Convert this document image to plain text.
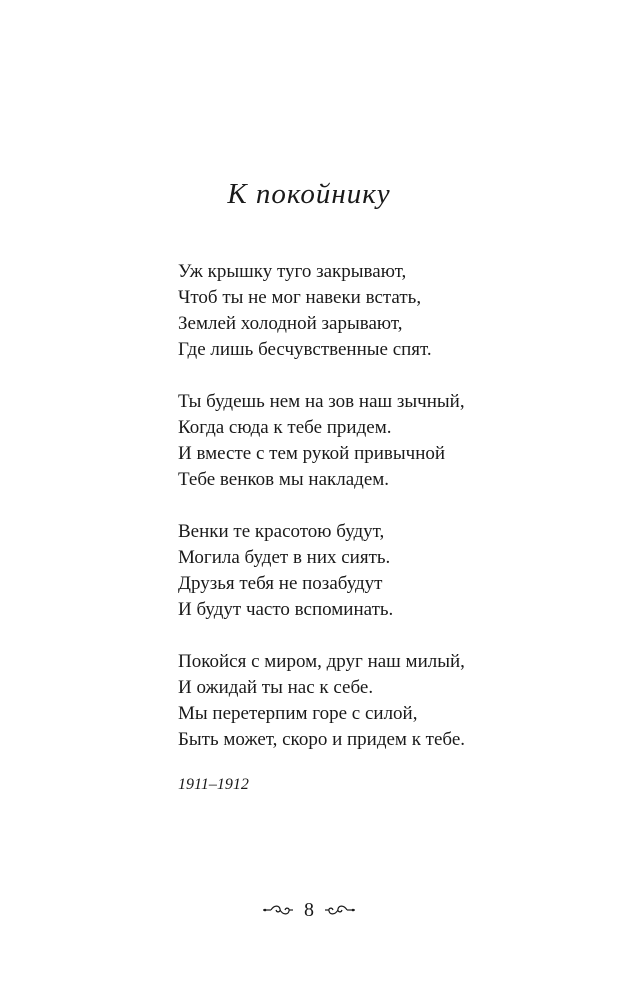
К покойнику
Уж крышку туго закрывают,
Чтоб ты не мог навеки встать,
Землей холодной зарывают,
Где лишь бесчувственные спят.
Ты будешь нем на зов наш зычный,
Когда сюда к тебе придем.
И вместе с тем рукой привычной
Тебе венков мы накладем.
Венки те красотою будут,
Могила будет в них сиять.
Друзья тебя не позабудут
И будут часто вспоминать.
Покойся с миром, друг наш милый,
И ожидай ты нас к себе.
Мы перетерпим горе с силой,
Быть может, скоро и придем к тебе.
1911–1912
8
